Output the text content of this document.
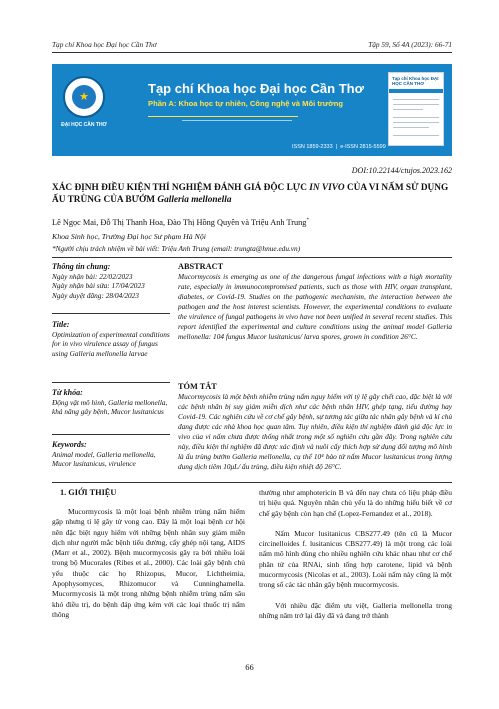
Tạp chí Khoa học Đại học Cần Thơ	Tập 59, Số 4A (2023): 66-71
★
ĐẠI HỌC CẦN THƠ
Tạp chí Khoa học Đại học Cần Thơ
Phần A: Khoa học tự nhiên, Công nghệ và Môi trường
ISSN 1859-2333  |  e-ISSN 2815-5599
Tạp chí Khoa học ĐẠI HỌC CẦN THƠ
DOI:10.22144/ctujos.2023.162
XÁC ĐỊNH ĐIỀU KIỆN THÍ NGHIỆM ĐÁNH GIÁ ĐỘC LỰC IN VIVO CỦA VI NẤM SỬ DỤNG ẤU TRÙNG CỦA BƯỚM Galleria mellonella
Lê Ngọc Mai, Đỗ Thị Thanh Hoa, Đào Thị Hồng Quyên và Triệu Anh Trung*
Khoa Sinh học, Trường Đại học Sư phạm Hà Nội
*Người chịu trách nhiệm về bài viết: Triệu Anh Trung (email: trungta@hnue.edu.vn)
Thông tin chung:
Ngày nhận bài: 22/02/2023
Ngày nhận bài sửa: 17/04/2023
Ngày duyệt đăng: 28/04/2023
Title:
Optimization of experimental conditions for in vivo virulence assay of fungus using Galleria mellonella larvae
Từ khóa:
Động vật mô hình, Galleria mellonella, khả năng gây bệnh, Mucor lusitanicus
Keywords:
Animal model, Galleria mellonella, Mucor lusitanicus, virulence
ABSTRACT
Mucormycosis is emerging as one of the dangerous fungal infections with a high mortality rate, especially in immunocompromised patients, such as those with HIV, organ transplant, diabetes, or Covid-19. Studies on the pathogenic mechanism, the interaction between the pathogen and the host interest scientists. However, the experimental conditions to evaluate the virulence of fungal pathogens in vivo have not been unified in several recent studies. This report identified the experimental and culture conditions using the animal model Galleria mellonella: 104 fungus Mucor lusitanicus/ larva spores, grown in condition 26°C.
TÓM TẮT
Mucormycosis là một bệnh nhiễm trùng nấm nguy hiểm với tỷ lệ gây chết cao, đặc biệt là với các bệnh nhân bị suy giảm miễn dịch như các bệnh nhân HIV, ghép tạng, tiểu đường hay Covid-19. Các nghiên cứu về cơ chế gây bệnh, sự tương tác giữa tác nhân gây bệnh và kí chủ đang được các nhà khoa học quan tâm. Tuy nhiên, điều kiện thí nghiệm đánh giá độc lực in vivo của vi nấm chưa được thống nhất trong một số nghiên cứu gần đây. Trong nghiên cứu này, điều kiện thí nghiệm đã được xác định và nuôi cấy thích hợp sử dụng đối tượng mô hình là ấu trùng bướm Galleria mellonella, cụ thể 10⁴ bào tử nấm Mucor lusitanicus trong lượng dung dịch tiêm 10μL/ ấu trùng, điều kiện nhiệt độ 26°C.
1. GIỚI THIỆU
Mucormycosis là một loại bệnh nhiễm trùng nấm hiếm gặp nhưng tỉ lệ gây tử vong cao. Đây là một loại bệnh cơ hội nên đặc biệt nguy hiểm với những bệnh nhân suy giảm miễn dịch như người mắc bệnh tiểu đường, cấy ghép nội tạng, AIDS (Marr et al., 2002). Bệnh mucormycosis gây ra bởi nhiều loài trong bộ Mucorales (Ribes et al., 2000). Các loài gây bệnh chủ yếu thuộc các họ Rhizopus, Mucor, Lichtheimia, Apophysomyces, Rhizomucor và Cunninghamella. Mucormycosis là một trong những bệnh nhiễm trùng nấm sâu khó điều trị, do bệnh đáp ứng kém với các loại thuốc trị nấm thông
thường như amphotericin B và đến nay chưa có liệu pháp điều trị hiệu quả. Nguyên nhân chủ yếu là do những hiểu biết về cơ chế gây bệnh còn hạn chế (Lopez-Fernandez et al., 2018).
Nấm Mucor lusitanicus CBS277.49 (tên cũ là Mucor circinelloides f. lusitanicus CBS277.49) là một trong các loài nấm mô hình dùng cho nhiều nghiên cứu khác nhau như cơ chế phân tử của RNAi, sinh tổng hợp carotene, lipid và bệnh mucormycosis (Nicolas et al., 2003). Loài nấm này cũng là một trong số các tác nhân gây bệnh mucormycosis.
Với nhiều đặc điểm ưu việt, Galleria mellonella trong những năm trở lại đây đã và đang trở thành
66
